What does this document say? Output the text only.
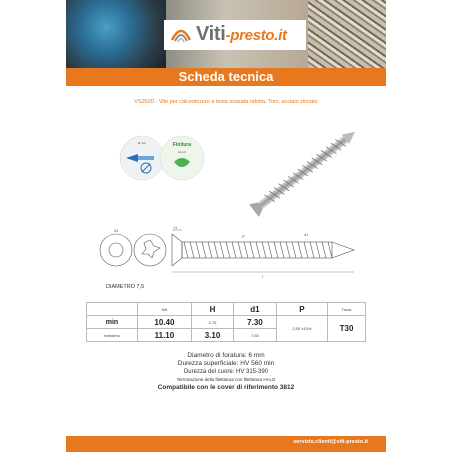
Viti-presto.it
Scheda tecnica
VS2620 - Vite per calcestruzzo a testa svasata ridotta, Torx, acciaio zincato
Ø mm	Finitura
HI-LO
d1
H
P	d1
l
DIAMETRO 7,5
	NA	H	d1	P	Tmax
min	10.40	2.70	7.30	2,50 ±10%	T30
massimo	11.10	3.10	7.60		
Diametro di foratura: 6 mm
Durezza superficiale: HV 560 min
Durezza del cuore: HV 315-390
Terminazione della filettatura con filettatura HI-LO
Compatibile con le cover di riferimento 3812
servizio.clienti@viti-presto.it
